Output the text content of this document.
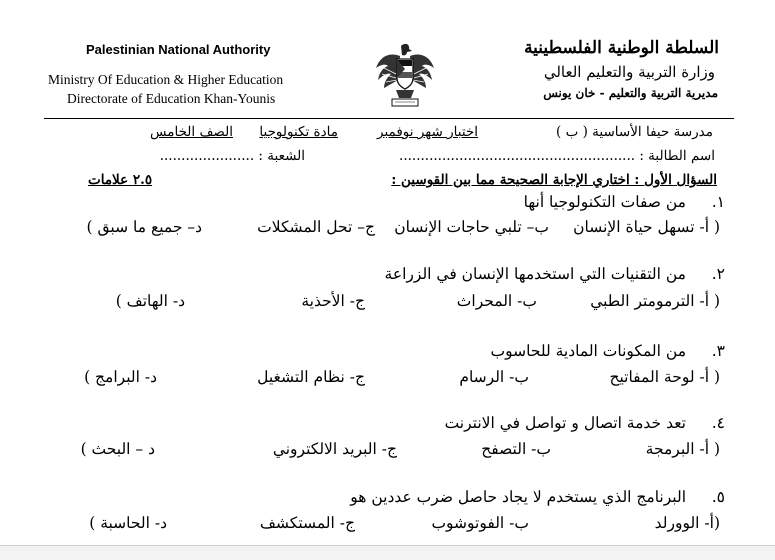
Palestinian National Authority
Ministry Of Education & Higher Education
Directorate of Education Khan-Younis
السلطة الوطنية الفلسطينية
وزارة التربية والتعليم العالي
مديرية التربية والتعليم - خان يونس
مدرسة حيفا الأساسية ( ب )
اختبار شهر نوفمبر
مادة تكنولوجيا
الصف الخامس
اسم الطالبة : .......................................................
الشعبة : ......................
السؤال الأول : اختاري الإجابة الصحيحة مما بين القوسين :
٢.٥ علامات
١.
من صفات التكنولوجيا أنها
( أ- تسهل حياة الإنسان
ب– تلبي حاجات الإنسان
ج– تحل المشكلات
د– جميع ما سبق )
٢.
من التقنيات التي استخدمها الإنسان في الزراعة
( أ- الترمومتر الطبي
ب- المحراث
ج- الأحذية
د- الهاتف )
٣.
من المكونات المادية للحاسوب
( أ- لوحة المفاتيح
ب- الرسام
ج- نظام التشغيل
د- البرامج )
٤.
تعد خدمة اتصال و تواصل في الانترنت
( أ- البرمجة
ب- التصفح
ج- البريد الالكتروني
د – البحث )
٥.
البرنامج الذي يستخدم لا يجاد حاصل ضرب عددين هو
(أ- الوورلد
ب- الفوتوشوب
ج- المستكشف
د- الحاسبة )
